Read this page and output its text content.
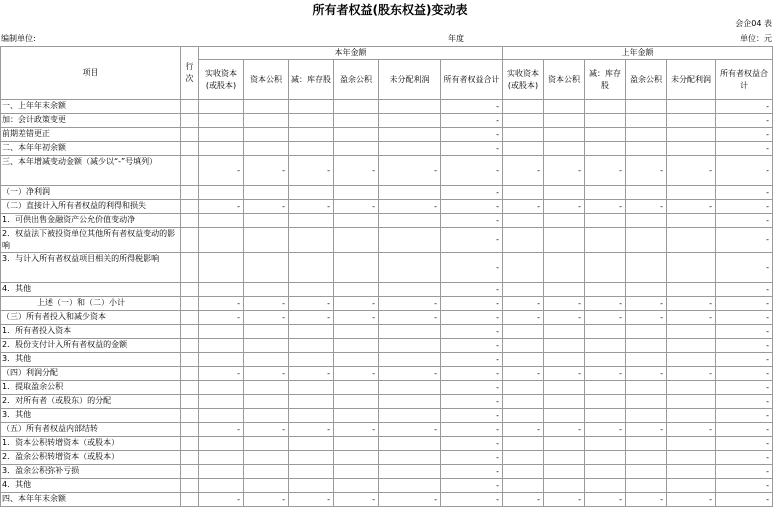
所有者权益(股东权益)变动表
会企04 表
编制单位:	年度	单位：元
项目	行次	本年金额						上年金额					
		实收资本(或股本)	资本公积	减：库存股	盈余公积	未分配利润	所有者权益合计	实收资本(或股本)	资本公积	减：库存股	盈余公积	未分配利润	所有者权益合计
一、上年年末余额							-						-
加：会计政策变更							-						-
前期差错更正							-						-
二、本年年初余额							-						-
三、本年增减变动金额（减少以“-”号填列）		-	-	-	-	-	-	-	-	-	-	-	-
（一）净利润							-						-
（二）直接计入所有者权益的利得和损失		-	-	-	-	-	-	-	-	-	-	-	-
1．可供出售金融资产公允价值变动净							-						-
2．权益法下被投资单位其他所有者权益变动的影响							-						-
3．与计入所有者权益项目相关的所得税影响							-						-
4．其他							-						-
上述（一）和（二）小计		-	-	-	-	-	-	-	-	-	-	-	-
（三）所有者投入和减少资本		-	-	-	-	-	-	-	-	-	-	-	-
1．所有者投入资本							-						-
2．股份支付计入所有者权益的金额							-						-
3．其他							-						-
（四）利润分配		-	-	-	-	-	-	-	-	-	-	-	-
1．提取盈余公积							-						-
2．对所有者（或股东）的分配							-						-
3．其他							-						-
（五）所有者权益内部结转		-	-	-	-	-	-	-	-	-	-	-	-
1．资本公积转增资本（或股本）							-						-
2．盈余公积转增资本（或股本）							-						-
3．盈余公积弥补亏损							-						-
4．其他							-						-
四、本年年末余额		-	-	-	-	-	-	-	-	-	-	-	-
